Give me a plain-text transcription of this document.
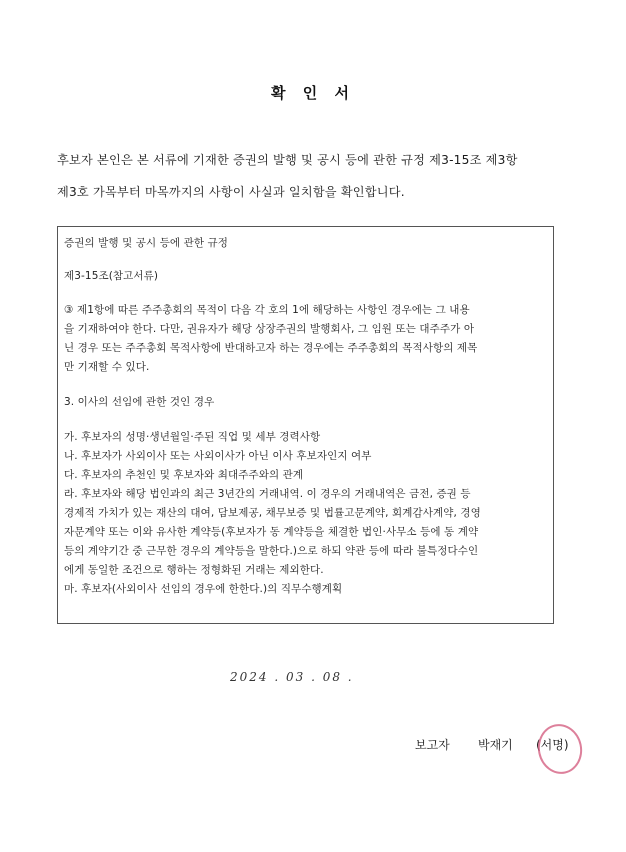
확 인 서
후보자 본인은 본 서류에 기재한 증권의 발행 및 공시 등에 관한 규정 제3-15조 제3항
제3호 가목부터 마목까지의 사항이 사실과 일치함을 확인합니다.
증권의 발행 및 공시 등에 관한 규정
제3-15조(참고서류)
③ 제1항에 따른 주주총회의 목적이 다음 각 호의 1에 해당하는 사항인 경우에는 그 내용
을 기재하여야 한다. 다만, 권유자가 해당 상장주권의 발행회사, 그 임원 또는 대주주가 아
닌 경우 또는 주주총회 목적사항에 반대하고자 하는 경우에는 주주총회의 목적사항의 제목
만 기재할 수 있다.
3. 이사의 선임에 관한 것인 경우
가. 후보자의 성명·생년월일·주된 직업 및 세부 경력사항
나. 후보자가 사외이사 또는 사외이사가 아닌 이사 후보자인지 여부
다. 후보자의 추천인 및 후보자와 최대주주와의 관계
라. 후보자와 해당 법인과의 최근 3년간의 거래내역. 이 경우의 거래내역은 금전, 증권 등
경제적 가치가 있는 재산의 대여, 담보제공, 채무보증 및 법률고문계약, 회계감사계약, 경영
자문계약 또는 이와 유사한 계약등(후보자가 동 계약등을 체결한 법인·사무소 등에 동 계약
등의 계약기간 중 근무한 경우의 계약등을 말한다.)으로 하되 약관 등에 따라 불특정다수인
에게 동일한 조건으로 행하는 정형화된 거래는 제외한다.
마. 후보자(사외이사 선임의 경우에 한한다.)의 직무수행계획
2024 . 03 . 08 .
보고자 박재기 (서명)
